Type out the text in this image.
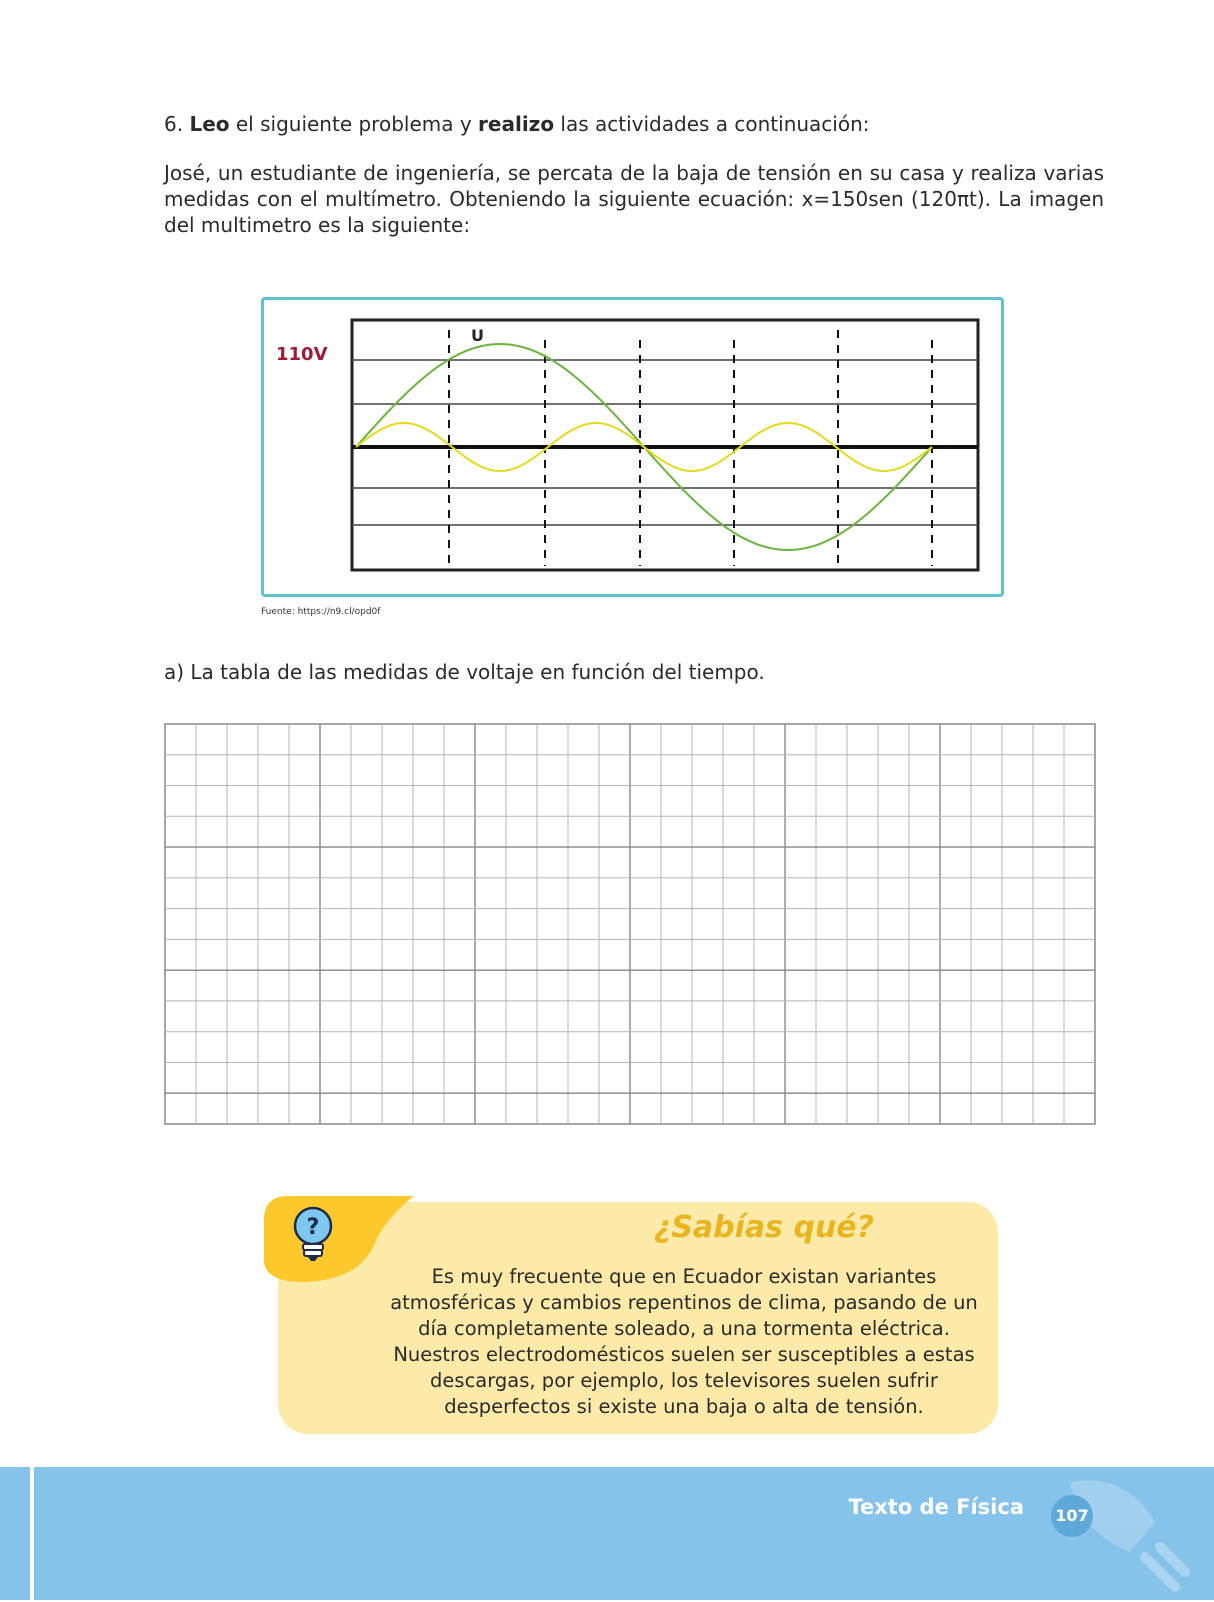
6. Leo el siguiente problema y realizo las actividades a continuación:
José, un estudiante de ingeniería, se percata de la baja de tensión en su casa y realiza varias medidas con el multímetro. Obteniendo la siguiente ecuación: x=150sen (120πt). La imagen del multimetro es la siguiente:
U
110V
Fuente: https://n9.cl/opd0f
a) La tabla de las medidas de voltaje en función del tiempo.
?	¿Sabías qué?
Es muy frecuente que en Ecuador existan variantes atmosféricas y cambios repentinos de clima, pasando de un día completamente soleado, a una tormenta eléctrica. Nuestros electrodomésticos suelen ser susceptibles a estas descargas, por ejemplo, los televisores suelen sufrir desperfectos si existe una baja o alta de tensión.
Texto de Física 107
